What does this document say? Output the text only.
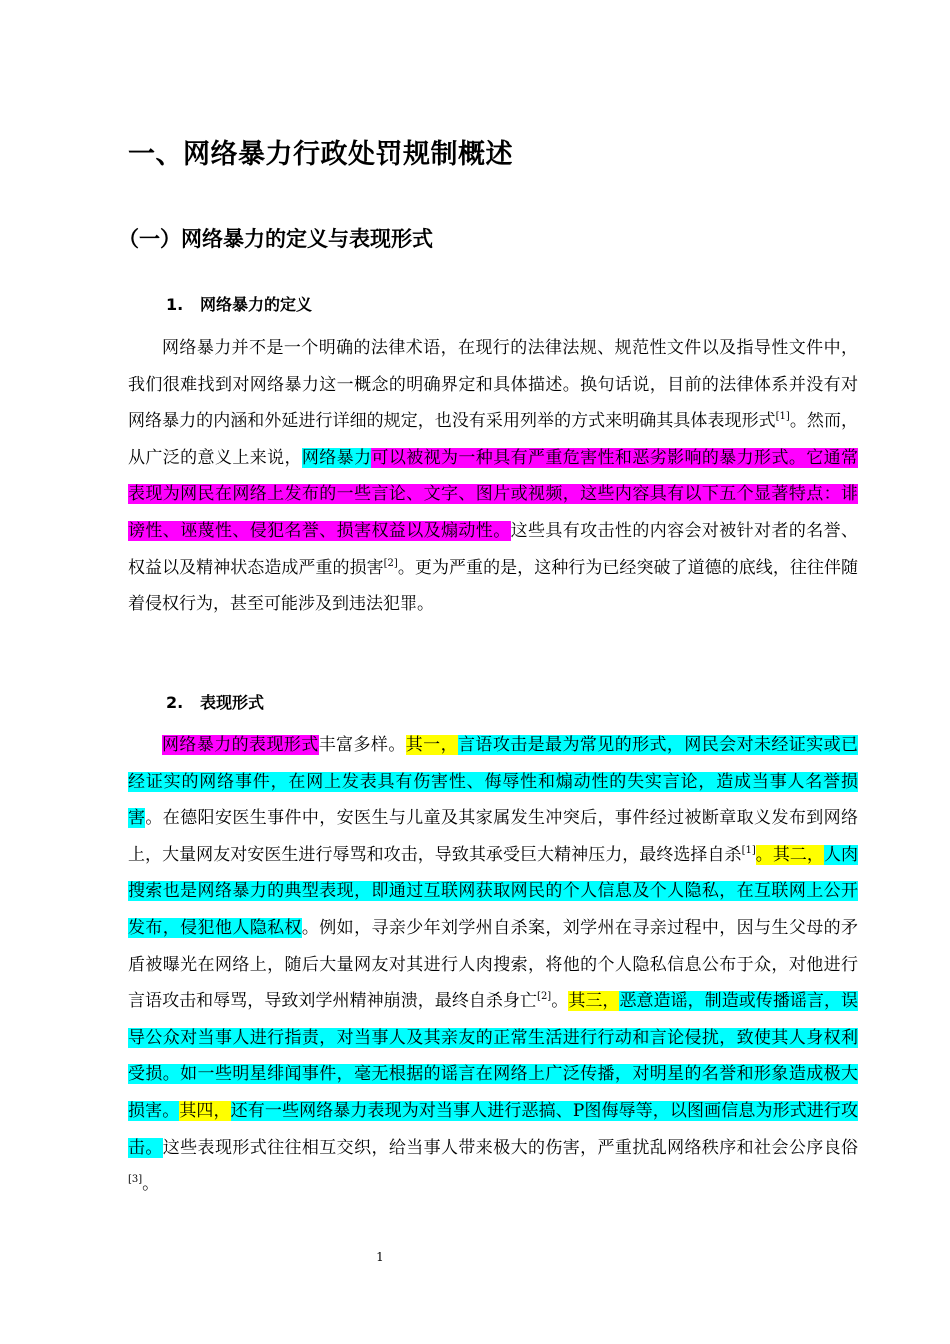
一、网络暴力行政处罚规制概述
（一）网络暴力的定义与表现形式
1. 网络暴力的定义

网络暴力并不是一个明确的法律术语，在现行的法律法规、规范性文件以及指导性文件中，我们很难找到对网络暴力这一概念的明确界定和具体描述。换句话说，目前的法律体系并没有对网络暴力的内涵和外延进行详细的规定，也没有采用列举的方式来明确其具体表现形式[1]。然而，从广泛的意义上来说，网络暴力可以被视为一种具有严重危害性和恶劣影响的暴力形式。它通常表现为网民在网络上发布的一些言论、文字、图片或视频，这些内容具有以下五个显著特点：诽谤性、诬蔑性、侵犯名誉、损害权益以及煽动性。这些具有攻击性的内容会对被针对者的名誉、权益以及精神状态造成严重的损害[2]。更为严重的是，这种行为已经突破了道德的底线，往往伴随着侵权行为，甚至可能涉及到违法犯罪。

2. 表现形式

网络暴力的表现形式丰富多样。其一，言语攻击是最为常见的形式，网民会对未经证实或已经证实的网络事件，在网上发表具有伤害性、侮辱性和煽动性的失实言论，造成当事人名誉损害。在德阳安医生事件中，安医生与儿童及其家属发生冲突后，事件经过被断章取义发布到网络上，大量网友对安医生进行辱骂和攻击，导致其承受巨大精神压力，最终选择自杀[1]。其二，人肉搜索也是网络暴力的典型表现，即通过互联网获取网民的个人信息及个人隐私，在互联网上公开发布，侵犯他人隐私权。例如，寻亲少年刘学州自杀案，刘学州在寻亲过程中，因与生父母的矛盾被曝光在网络上，随后大量网友对其进行人肉搜索，将他的个人隐私信息公布于众，对他进行言语攻击和辱骂，导致刘学州精神崩溃，最终自杀身亡[2]。其三，恶意造谣，制造或传播谣言，误导公众对当事人进行指责，对当事人及其亲友的正常生活进行行动和言论侵扰，致使其人身权利受损。如一些明星绯闻事件，毫无根据的谣言在网络上广泛传播，对明星的名誉和形象造成极大损害。其四，还有一些网络暴力表现为对当事人进行恶搞、P图侮辱等，以图画信息为形式进行攻击。这些表现形式往往相互交织，给当事人带来极大的伤害，严重扰乱网络秩序和社会公序良俗[3]。

1
